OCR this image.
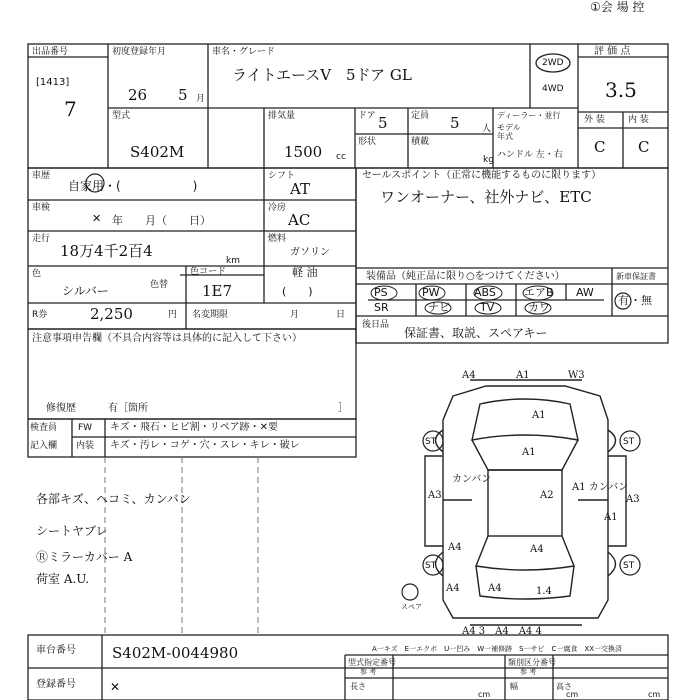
①会 場 控
出品番号
[1413]
7
初度登録年月
26 5 月
車名・グレード
ライトエースV　5ドア GL
2WD
4WD
評 価 点
3.5
型式
S402M
排気量
1500 cc
ドア 5	定員 5 人
形状	積載
kg
ディーラー・並行
モデル
年式
ハンドル 左・右
外 装	内 装
C C
車歴
自家用・(　　　　　　)
シフト
AT
セールスポイント（正常に機能するものに限ります）
ワンオーナー、社外ナビ、ETC
車検
✕ 年　　月（　　日）
冷房
AC
走行
18万4千2百4
km
燃料
ガソリン
軽 油
(　　)
色
シルバー	色替
色コード
1E7
R券	2,250	円 名変期限	月	日
装備品（純正品に限り○をつけてください）	新車保証書
有 ・無
PS	PW	ABS	エアB AW
SR	ナビ	TV	カワ
後日品
保証書、取説、スペアキー
注意事項申告欄（不具合内容等は具体的に記入して下さい）
修復歴	有［箇所	］
検査員
記入欄
FW キズ・飛石・ヒビ割・リペア跡・✕要
内装 キズ・汚レ・コゲ・穴・スレ・キレ・破レ
各部キズ、ヘコミ、カンバン
シートヤブレ
Ⓡミラーカバー A
荷室 A.U.
A4	A1	W3
A1
A1
カンバン
A1 カンバン
A2
A3	A3
A1
A4	A4
A4	A4	1.4
ST	ST
ST	ST
スペア
A4 3　A4　A4 4
A一キズ　E一エクボ　U一凹み　W一補修跡　S一サビ　C一腐食　XX一交換済
車台番号 S402M-0044980
登録番号	✕
型式指定番号
参 考
類別区分番号
参 考
長さ
cm
幅
cm
高さ
cm
